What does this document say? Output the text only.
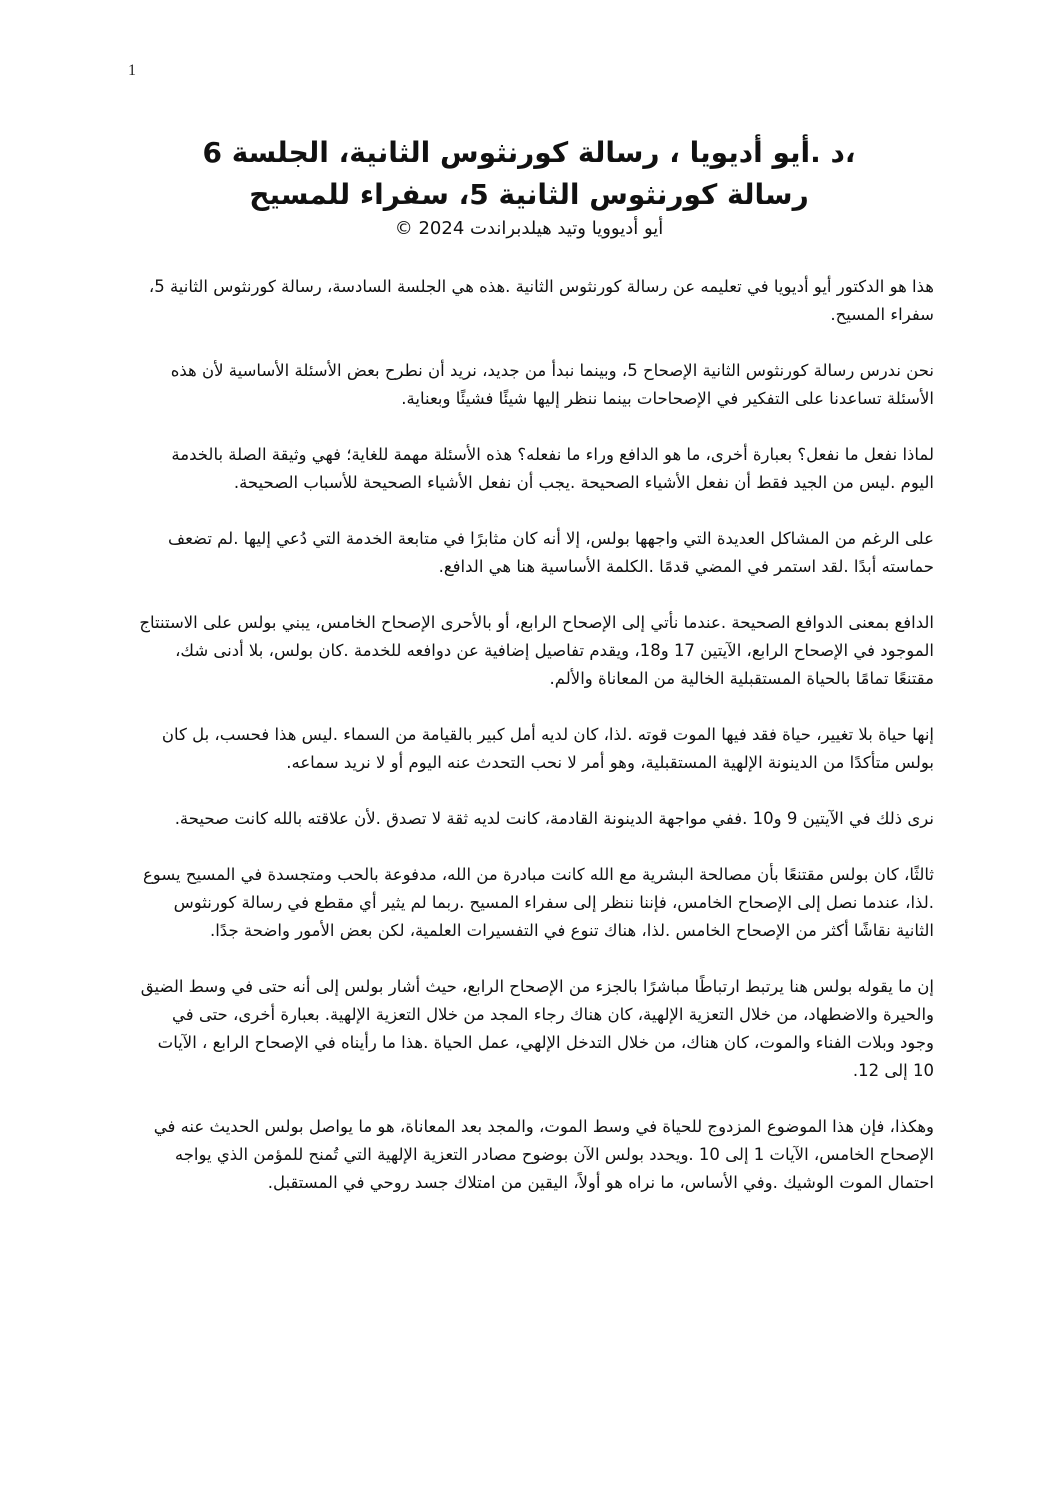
1

،د .أيو أديويا ، رسالة كورنثوس الثانية، الجلسة 6

رسالة كورنثوس الثانية 5، سفراء للمسيح

أيو أديوويا وتيد هيلدبراندت 2024 ©

هذا هو الدكتور أيو أديويا في تعليمه عن رسالة كورنثوس الثانية .هذه هي الجلسة السادسة، رسالة كورنثوس الثانية 5، سفراء المسيح.

نحن ندرس رسالة كورنثوس الثانية الإصحاح 5، وبينما نبدأ من جديد، نريد أن نطرح بعض الأسئلة الأساسية لأن هذه الأسئلة تساعدنا على التفكير في الإصحاحات بينما ننظر إليها شيئًا فشيئًا وبعناية.

لماذا نفعل ما نفعل؟ بعبارة أخرى، ما هو الدافع وراء ما نفعله؟ هذه الأسئلة مهمة للغاية؛ فهي وثيقة الصلة بالخدمة اليوم .ليس من الجيد فقط أن نفعل الأشياء الصحيحة .يجب أن نفعل الأشياء الصحيحة للأسباب الصحيحة.

على الرغم من المشاكل العديدة التي واجهها بولس، إلا أنه كان مثابرًا في متابعة الخدمة التي دُعي إليها .لم تضعف حماسته أبدًا .لقد استمر في المضي قدمًا .الكلمة الأساسية هنا هي الدافع.

الدافع بمعنى الدوافع الصحيحة .عندما نأتي إلى الإصحاح الرابع، أو بالأحرى الإصحاح الخامس، يبني بولس على الاستنتاج الموجود في الإصحاح الرابع، الآيتين 17 و18، ويقدم تفاصيل إضافية عن دوافعه للخدمة .كان بولس، بلا أدنى شك، مقتنعًا تمامًا بالحياة المستقبلية الخالية من المعاناة والألم.

إنها حياة بلا تغيير، حياة فقد فيها الموت قوته .لذا، كان لديه أمل كبير بالقيامة من السماء .ليس هذا فحسب، بل كان بولس متأكدًا من الدينونة الإلهية المستقبلية، وهو أمر لا نحب التحدث عنه اليوم أو لا نريد سماعه.

نرى ذلك في الآيتين 9 و10 .ففي مواجهة الدينونة القادمة، كانت لديه ثقة لا تصدق .لأن علاقته بالله كانت صحيحة.

ثالثًا، كان بولس مقتنعًا بأن مصالحة البشرية مع الله كانت مبادرة من الله، مدفوعة بالحب ومتجسدة في المسيح يسوع .لذا، عندما نصل إلى الإصحاح الخامس، فإننا ننظر إلى سفراء المسيح .ربما لم يثير أي مقطع في رسالة كورنثوس الثانية نقاشًا أكثر من الإصحاح الخامس .لذا، هناك تنوع في التفسيرات العلمية، لكن بعض الأمور واضحة جدًا.

إن ما يقوله بولس هنا يرتبط ارتباطًا مباشرًا بالجزء من الإصحاح الرابع، حيث أشار بولس إلى أنه حتى في وسط الضيق والحيرة والاضطهاد، من خلال التعزية الإلهية، كان هناك رجاء المجد من خلال التعزية الإلهية. بعبارة أخرى، حتى في وجود وبلات الفناء والموت، كان هناك، من خلال التدخل الإلهي، عمل الحياة .هذا ما رأيناه في الإصحاح الرابع ، الآيات 10 إلى 12.

وهكذا، فإن هذا الموضوع المزدوج للحياة في وسط الموت، والمجد بعد المعاناة، هو ما يواصل بولس الحديث عنه في الإصحاح الخامس، الآيات 1 إلى 10 .ويحدد بولس الآن بوضوح مصادر التعزية الإلهية التي تُمنح للمؤمن الذي يواجه احتمال الموت الوشيك .وفي الأساس، ما نراه هو أولاً، اليقين من امتلاك جسد روحي في المستقبل.
